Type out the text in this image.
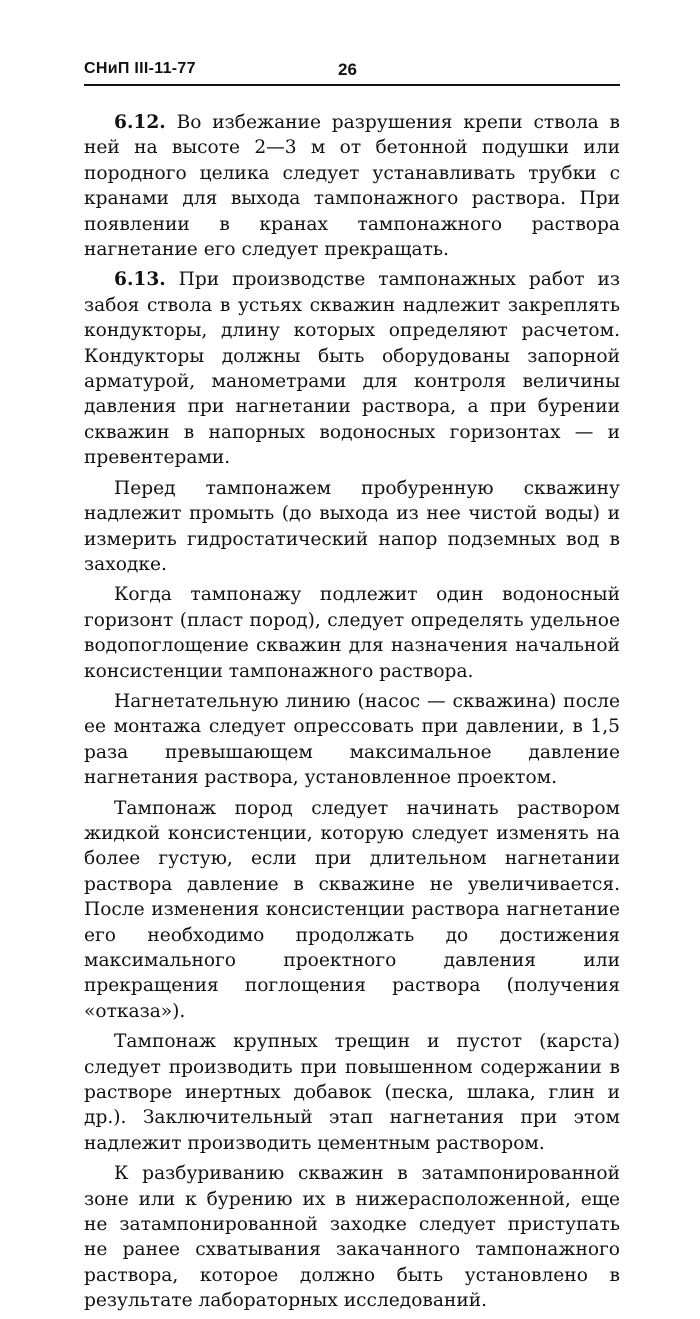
СНиП III-11-77	26

6.12. Во избежание разрушения крепи ствола в ней на высоте 2—3 м от бетонной подушки или породного целика следует устанавливать трубки с кранами для выхода тампонажного раствора. При появлении в кранах тампонажного раствора нагнетание его следует прекращать.

6.13. При производстве тампонажных работ из забоя ствола в устьях скважин надлежит закреплять кондукторы, длину которых определяют расчетом. Кондукторы должны быть оборудованы запорной арматурой, манометрами для контроля величины давления при нагнетании раствора, а при бурении скважин в напорных водоносных горизонтах — и превентерами.

Перед тампонажем пробуренную скважину надлежит промыть (до выхода из нее чистой воды) и измерить гидростатический напор подземных вод в заходке.

Когда тампонажу подлежит один водоносный горизонт (пласт пород), следует определять удельное водопоглощение скважин для назначения начальной консистенции тампонажного раствора.

Нагнетательную линию (насос — скважина) после ее монтажа следует опрессовать при давлении, в 1,5 раза превышающем максимальное давление нагнетания раствора, установленное проектом.

Тампонаж пород следует начинать раствором жидкой консистенции, которую следует изменять на более густую, если при длительном нагнетании раствора давление в скважине не увеличивается. После изменения консистенции раствора нагнетание его необходимо продолжать до достижения максимального проектного давления или прекращения поглощения раствора (получения «отказа»).

Тампонаж крупных трещин и пустот (карста) следует производить при повышенном содержании в растворе инертных добавок (песка, шлака, глин и др.). Заключительный этап нагнетания при этом надлежит производить цементным раствором.

К разбуриванию скважин в затампонированной зоне или к бурению их в нижерасположенной, еще не затампонированной заходке следует приступать не ранее схватывания закачанного тампонажного раствора, которое должно быть установлено в результате лабораторных исследований.
